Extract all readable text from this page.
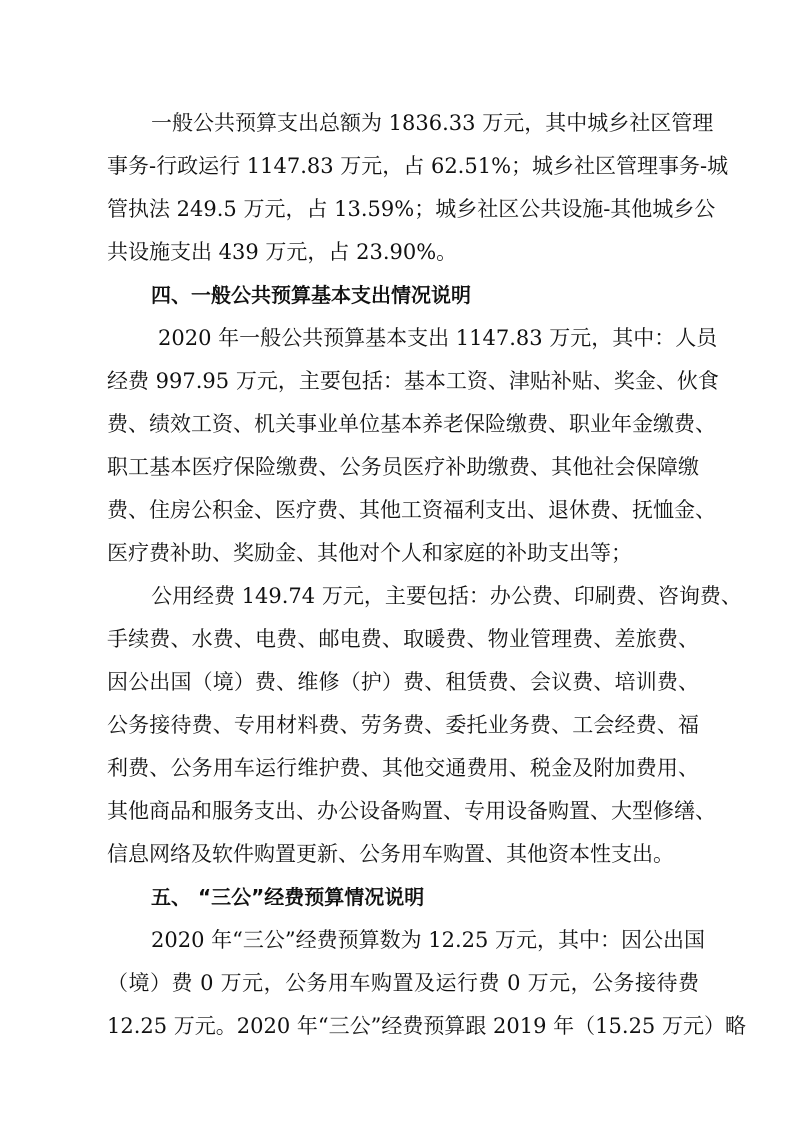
一般公共预算支出总额为 1836.33 万元，其中城乡社区管理
事务-行政运行 1147.83 万元，占 62.51%；城乡社区管理事务-城
管执法 249.5 万元，占 13.59%；城乡社区公共设施-其他城乡公
共设施支出 439 万元，占 23.90%。
四、一般公共预算基本支出情况说明
2020 年一般公共预算基本支出 1147.83 万元，其中：人员
经费 997.95 万元，主要包括：基本工资、津贴补贴、奖金、伙食
费、绩效工资、机关事业单位基本养老保险缴费、职业年金缴费、
职工基本医疗保险缴费、公务员医疗补助缴费、其他社会保障缴
费、住房公积金、医疗费、其他工资福利支出、退休费、抚恤金、
医疗费补助、奖励金、其他对个人和家庭的补助支出等；
公用经费 149.74 万元，主要包括：办公费、印刷费、咨询费、
手续费、水费、电费、邮电费、取暖费、物业管理费、差旅费、
因公出国（境）费、维修（护）费、租赁费、会议费、培训费、
公务接待费、专用材料费、劳务费、委托业务费、工会经费、福
利费、公务用车运行维护费、其他交通费用、税金及附加费用、
其他商品和服务支出、办公设备购置、专用设备购置、大型修缮、
信息网络及软件购置更新、公务用车购置、其他资本性支出。
五、 “三公”经费预算情况说明
2020 年“三公”经费预算数为 12.25 万元，其中：因公出国
（境）费 0 万元，公务用车购置及运行费 0 万元，公务接待费
12.25 万元。2020 年“三公”经费预算跟 2019 年（15.25 万元）略
